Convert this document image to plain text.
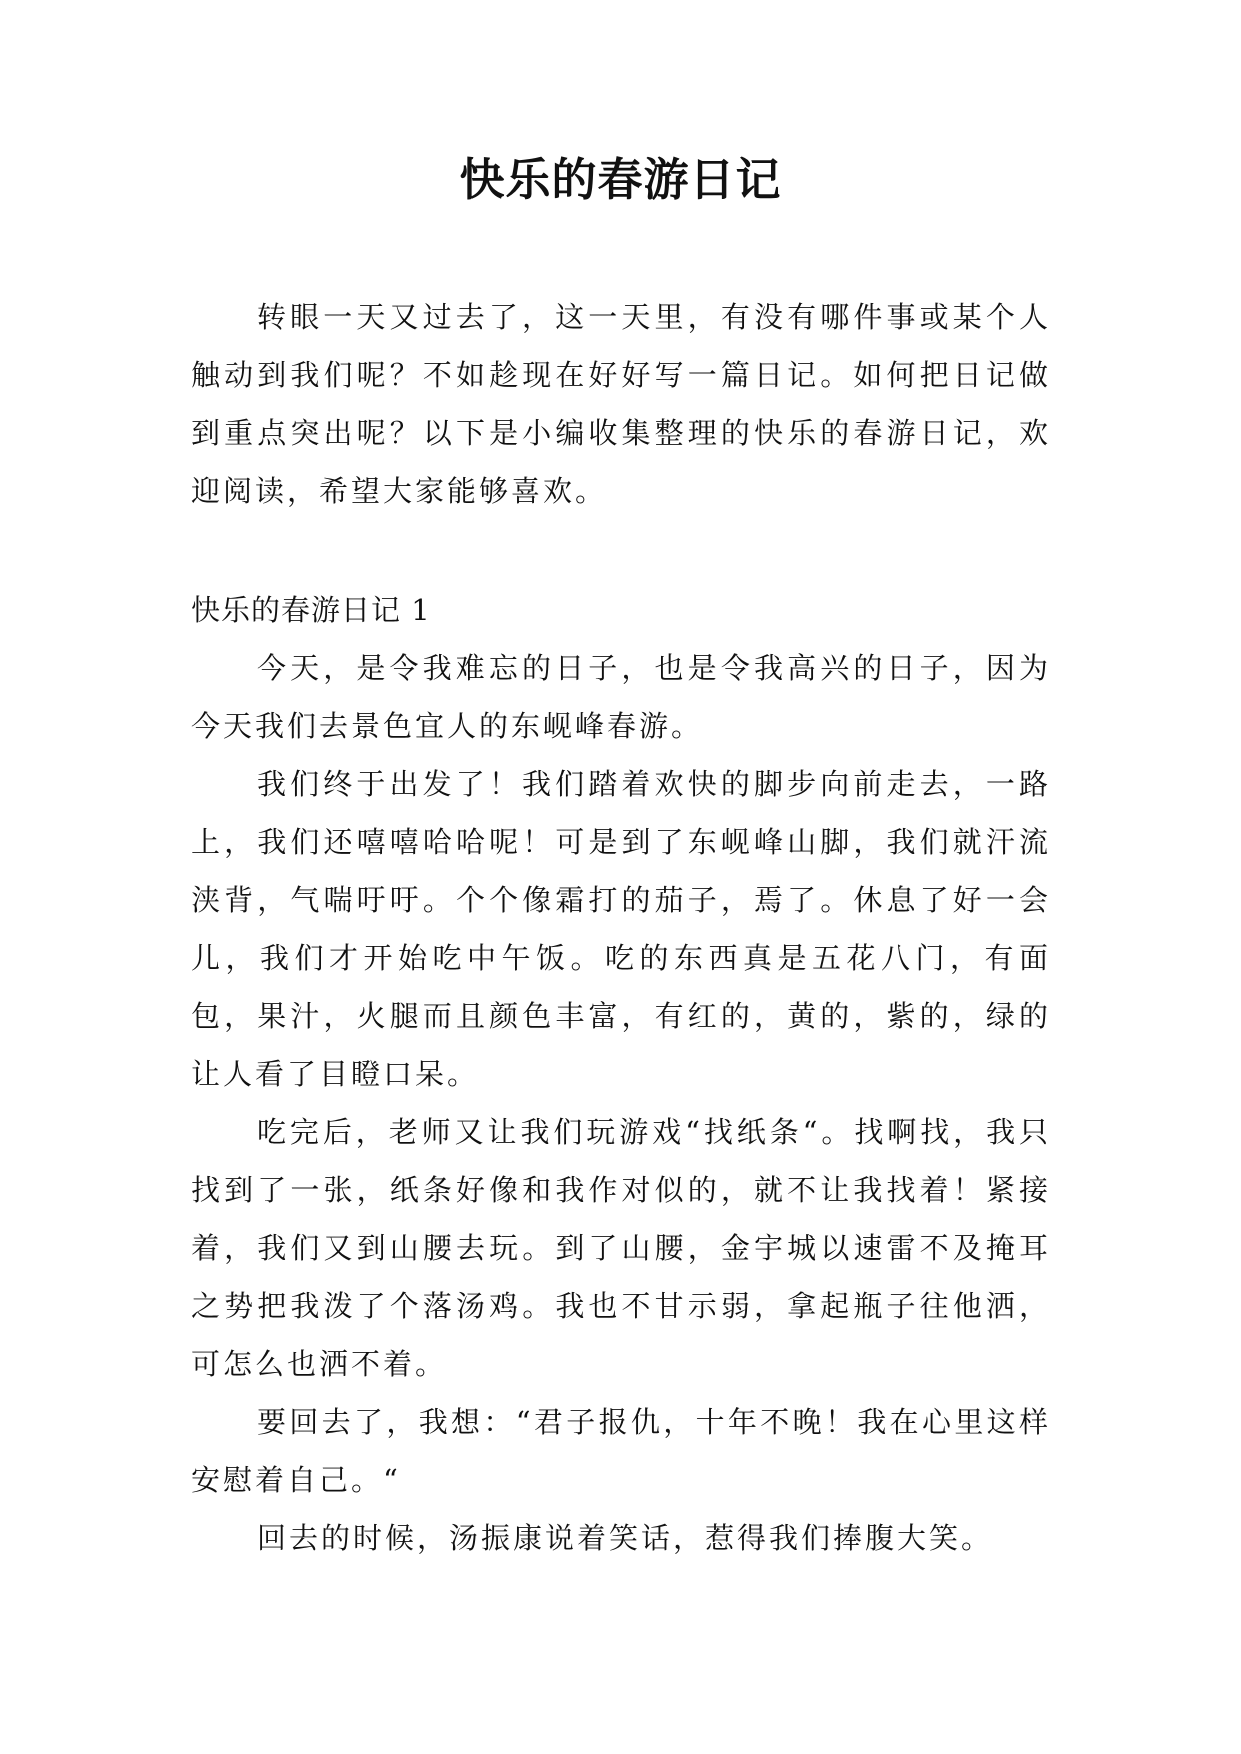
快乐的春游日记

转眼一天又过去了，这一天里，有没有哪件事或某个人触动到我们呢？不如趁现在好好写一篇日记。如何把日记做到重点突出呢？以下是小编收集整理的快乐的春游日记，欢迎阅读，希望大家能够喜欢。

快乐的春游日记 1

今天，是令我难忘的日子，也是令我高兴的日子，因为今天我们去景色宜人的东岘峰春游。

我们终于出发了！我们踏着欢快的脚步向前走去，一路上，我们还嘻嘻哈哈呢！可是到了东岘峰山脚，我们就汗流浃背，气喘吁吁。个个像霜打的茄子，焉了。休息了好一会儿，我们才开始吃中午饭。吃的东西真是五花八门，有面包，果汁，火腿而且颜色丰富，有红的，黄的，紫的，绿的让人看了目瞪口呆。

吃完后，老师又让我们玩游戏“找纸条“。找啊找，我只找到了一张，纸条好像和我作对似的，就不让我找着！紧接着，我们又到山腰去玩。到了山腰，金宇城以速雷不及掩耳之势把我泼了个落汤鸡。我也不甘示弱，拿起瓶子往他洒，可怎么也洒不着。

要回去了，我想：“君子报仇，十年不晚！我在心里这样安慰着自己。“

回去的时候，汤振康说着笑话，惹得我们捧腹大笑。
